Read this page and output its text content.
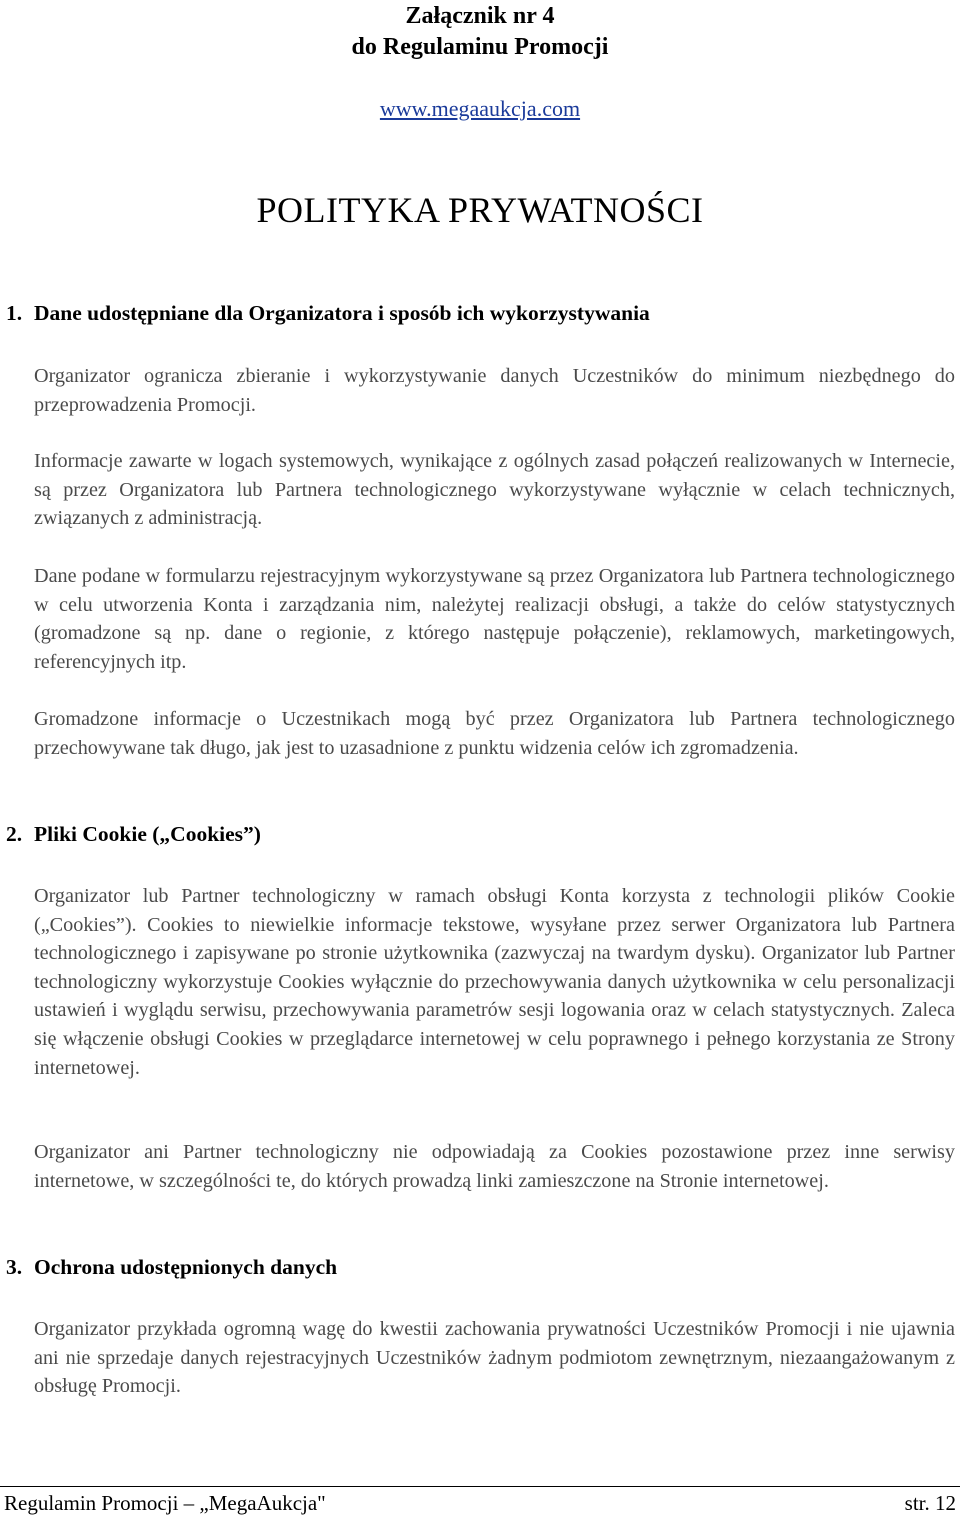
Załącznik nr 4
do Regulaminu Promocji
www.megaaukcja.com
POLITYKA PRYWATNOŚCI
1. Dane udostępniane dla Organizatora i sposób ich wykorzystywania
Organizator ogranicza zbieranie i wykorzystywanie danych Uczestników do minimum niezbędnego do przeprowadzenia Promocji.
Informacje zawarte w logach systemowych, wynikające z ogólnych zasad połączeń realizowanych w Internecie, są przez Organizatora lub Partnera technologicznego wykorzystywane wyłącznie w celach technicznych, związanych z administracją.
Dane podane w formularzu rejestracyjnym wykorzystywane są przez Organizatora lub Partnera technologicznego w celu utworzenia Konta i zarządzania nim, należytej realizacji obsługi, a także do celów statystycznych (gromadzone są np. dane o regionie, z którego następuje połączenie), reklamowych, marketingowych, referencyjnych itp.
Gromadzone informacje o Uczestnikach mogą być przez Organizatora lub Partnera technologicznego przechowywane tak długo, jak jest to uzasadnione z punktu widzenia celów ich zgromadzenia.
2. Pliki Cookie („Cookies”)
Organizator lub Partner technologiczny w ramach obsługi Konta korzysta z technologii plików Cookie („Cookies”). Cookies to niewielkie informacje tekstowe, wysyłane przez serwer Organizatora lub Partnera technologicznego i zapisywane po stronie użytkownika (zazwyczaj na twardym dysku). Organizator lub Partner technologiczny wykorzystuje Cookies wyłącznie do przechowywania danych użytkownika w celu personalizacji ustawień i wyglądu serwisu, przechowywania parametrów sesji logowania oraz w celach statystycznych. Zaleca się włączenie obsługi Cookies w przeglądarce internetowej w celu poprawnego i pełnego korzystania ze Strony internetowej.
Organizator ani Partner technologiczny nie odpowiadają za Cookies pozostawione przez inne serwisy internetowe, w szczególności te, do których prowadzą linki zamieszczone na Stronie internetowej.
3. Ochrona udostępnionych danych
Organizator przykłada ogromną wagę do kwestii zachowania prywatności Uczestników Promocji i nie ujawnia ani nie sprzedaje danych rejestracyjnych Uczestników żadnym podmiotom zewnętrznym, niezaangażowanym z obsługę Promocji.
Regulamin Promocji – „MegaAukcja"	str. 12
